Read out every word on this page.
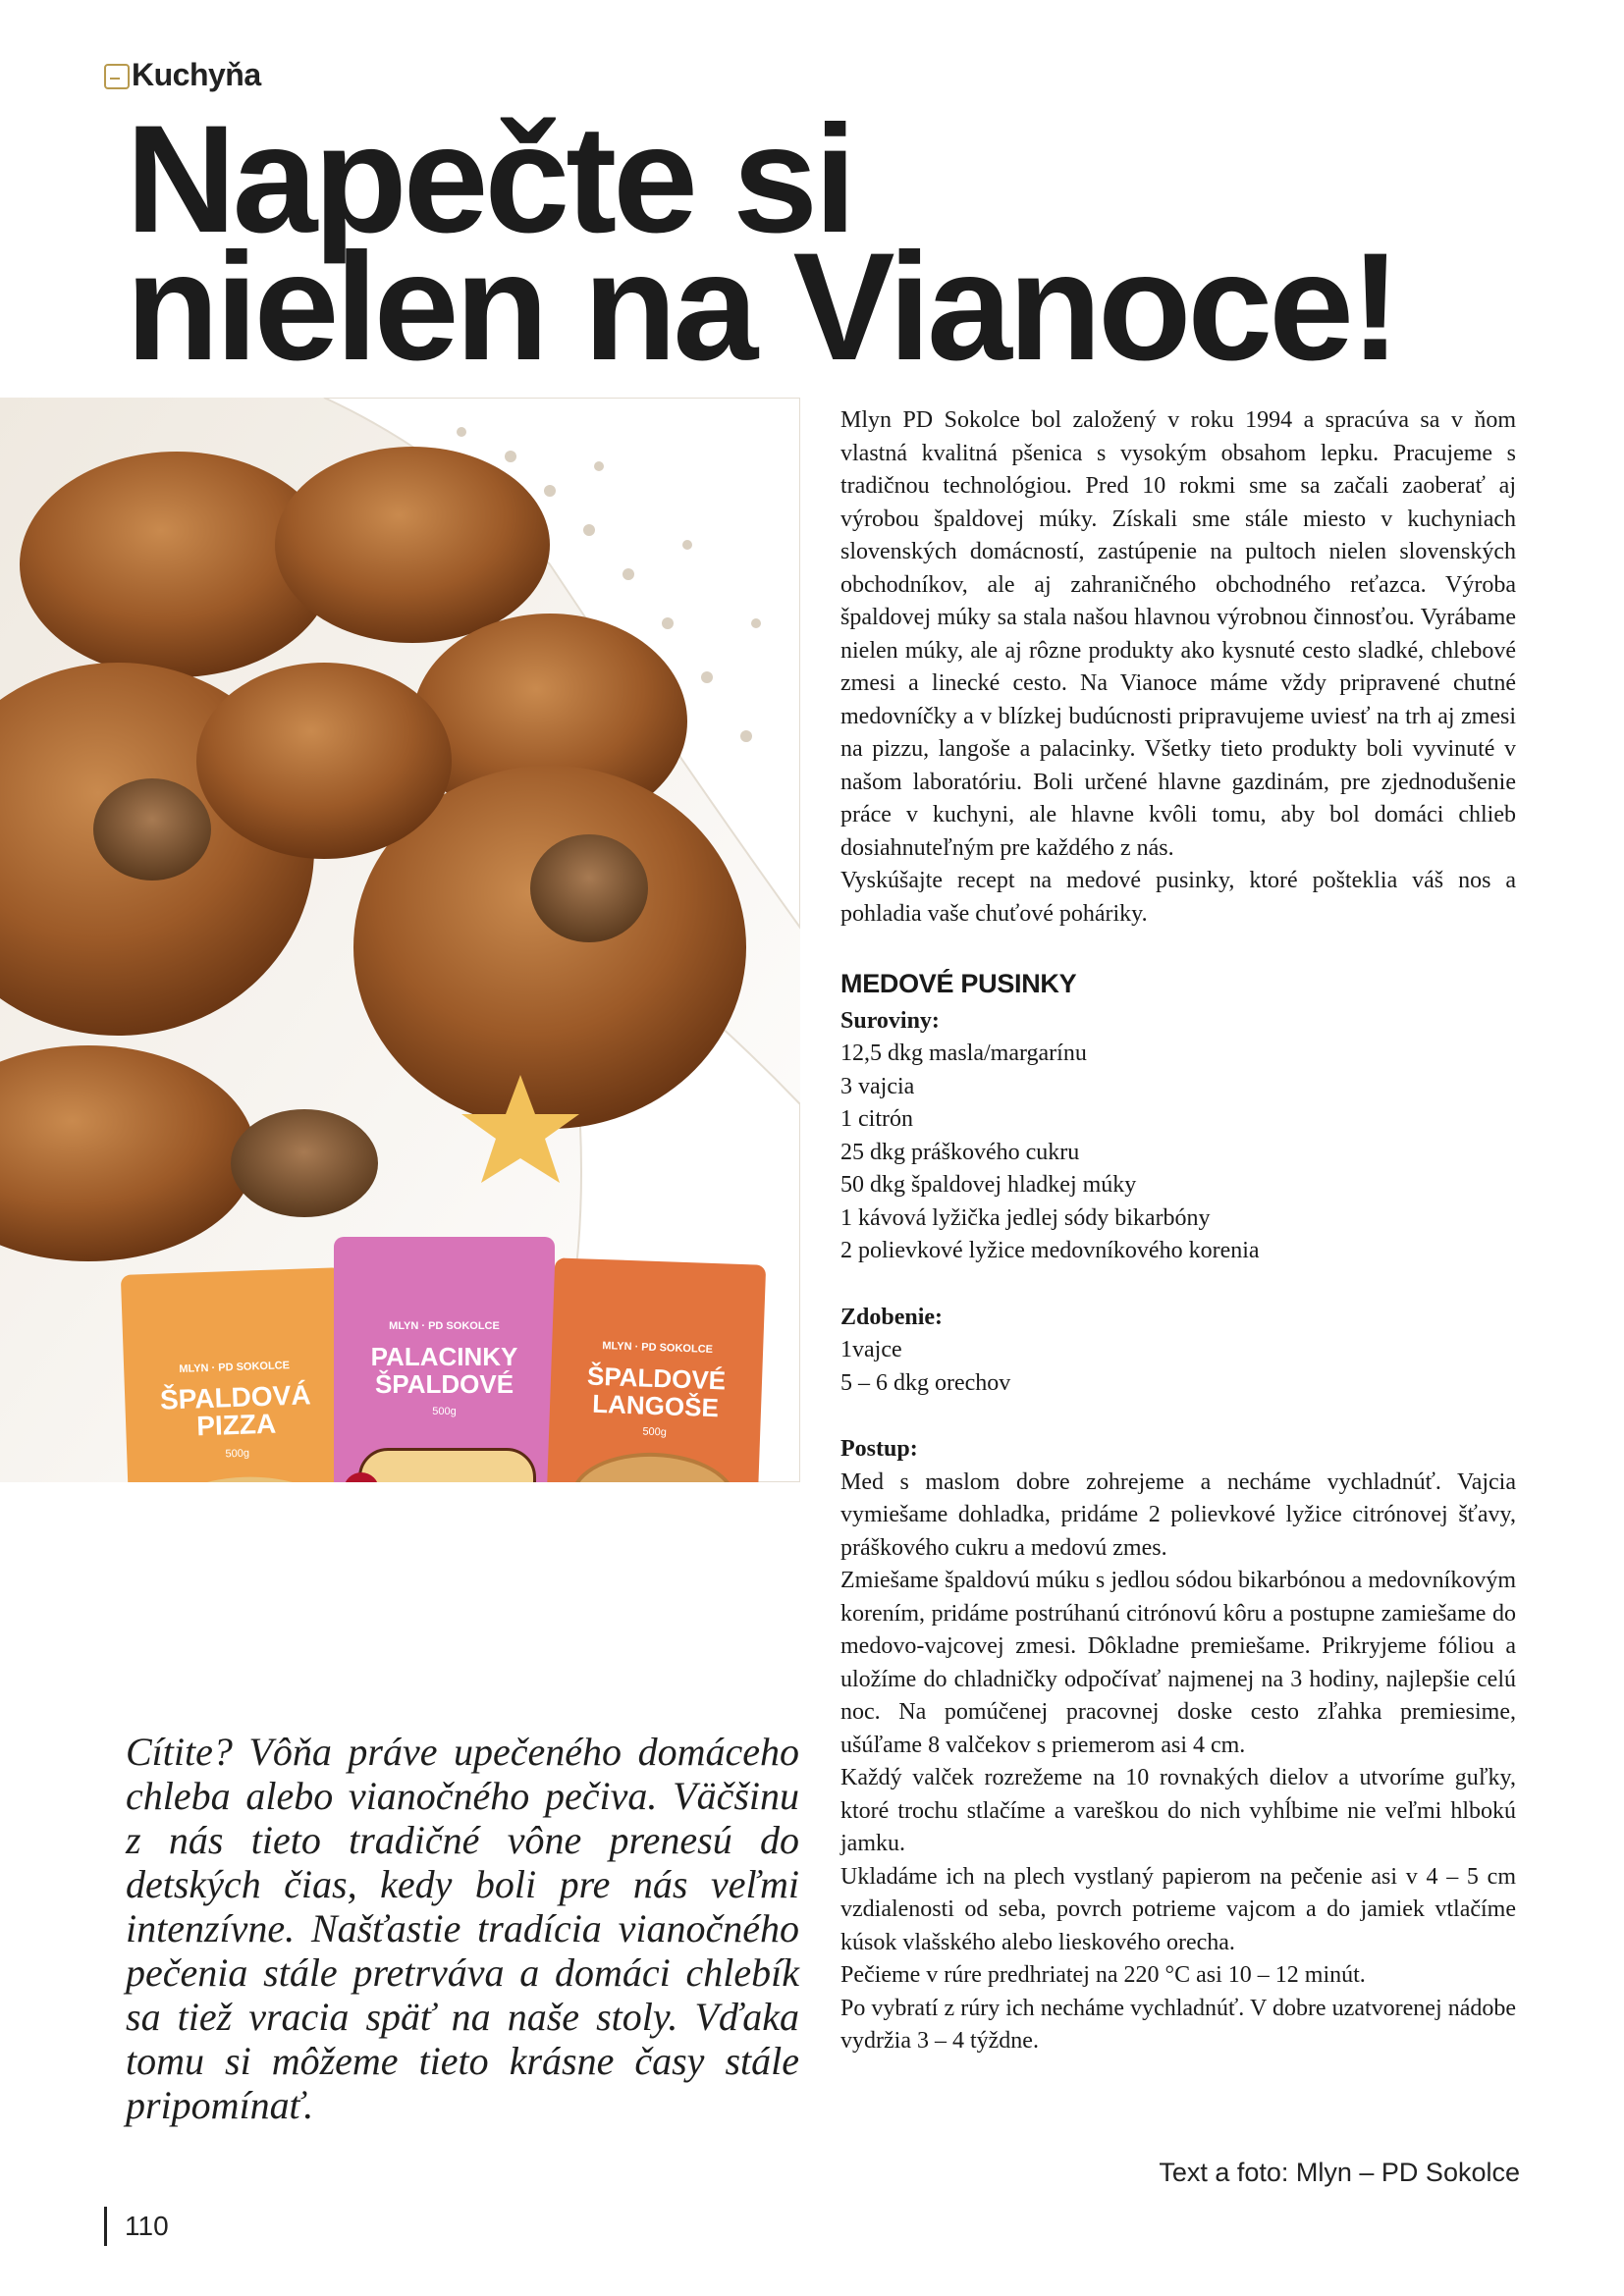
Kuchyňa
Napečte si
nielen na Vianoce!
MLYN · PD SOKOLCE
ŠPALDOVÁ
PIZZA
500g
MLYN · PD SOKOLCE
PALACINKY
ŠPALDOVÉ
500g
MLYN · PD SOKOLCE
ŠPALDOVÉ
LANGOŠE
500g

Mlyn PD Sokolce bol založený v roku 1994 a spracúva sa v ňom vlastná kvalitná pšenica s vysokým obsahom lepku. Pracujeme s tradičnou technológiou. Pred 10 rokmi sme sa začali zaoberať aj výrobou špaldovej múky. Získali sme stále miesto v kuchyniach slovenských domácností, zastúpenie na pultoch nielen slovenských obchodníkov, ale aj zahraničného obchodného reťazca. Výroba špaldovej múky sa stala našou hlavnou výrobnou činnosťou. Vyrábame nielen múky, ale aj rôzne produkty ako kysnuté cesto sladké, chlebové zmesi a linecké cesto. Na Vianoce máme vždy pripravené chutné medovníčky a v blízkej budúcnosti pripravujeme uviesť na trh aj zmesi na pizzu, langoše a palacinky. Všetky tieto produkty boli vyvinuté v našom laboratóriu. Boli určené hlavne gazdinám, pre zjednodušenie práce v kuchyni, ale hlavne kvôli tomu, aby bol domáci chlieb dosiahnuteľným pre každého z nás.

Vyskúšajte recept na medové pusinky, ktoré pošteklia váš nos a pohladia vaše chuťové poháriky.

MEDOVÉ PUSINKY

Suroviny:
12,5 dkg masla/margarínu
3 vajcia
1 citrón
25 dkg práškového cukru
50 dkg špaldovej hladkej múky
1 kávová lyžička jedlej sódy bikarbóny
2 polievkové lyžice medovníkového korenia
Zdobenie:
1vajce
5 – 6 dkg orechov
Postup:

Med s maslom dobre zohrejeme a necháme vychladnúť. Vajcia vymiešame dohladka, pridáme 2 polievkové lyžice citrónovej šťavy, práškového cukru a medovú zmes.

Zmiešame špaldovú múku s jedlou sódou bikarbónou a medovníkovým korením, pridáme postrúhanú citrónovú kôru a postupne zamiešame do medovo-vajcovej zmesi. Dôkladne premiešame. Prikryjeme fóliou a uložíme do chladničky odpočívať najmenej na 3 hodiny, najlepšie celú noc. Na pomúčenej pracovnej doske cesto zľahka premiesime, ušúľame 8 valčekov s priemerom asi 4 cm.

Každý valček rozrežeme na 10 rovnakých dielov a utvoríme guľky, ktoré trochu stlačíme a vareškou do nich vyhĺbime nie veľmi hlbokú jamku.

Ukladáme ich na plech vystlaný papierom na pečenie asi v 4 – 5 cm vzdialenosti od seba, povrch potrieme vajcom a do jamiek vtlačíme kúsok vlašského alebo lieskového orecha.

Pečieme v rúre predhriatej na 220 °C asi 10 – 12 minút.

Po vybratí z rúry ich necháme vychladnúť. V dobre uzatvorenej nádobe vydržia 3 – 4 týždne.

Cítite? Vôňa práve upečeného domáceho chleba alebo vianočného pečiva. Väčšinu z nás tieto tradičné vône prenesú do detských čias, kedy boli pre nás veľmi intenzívne. Našťastie tradícia vianočného pečenia stále pretrváva a domáci chlebík sa tiež vracia späť na naše stoly. Vďaka tomu si môžeme tieto krásne časy stále pripomínať.

Text a foto: Mlyn – PD Sokolce
110
